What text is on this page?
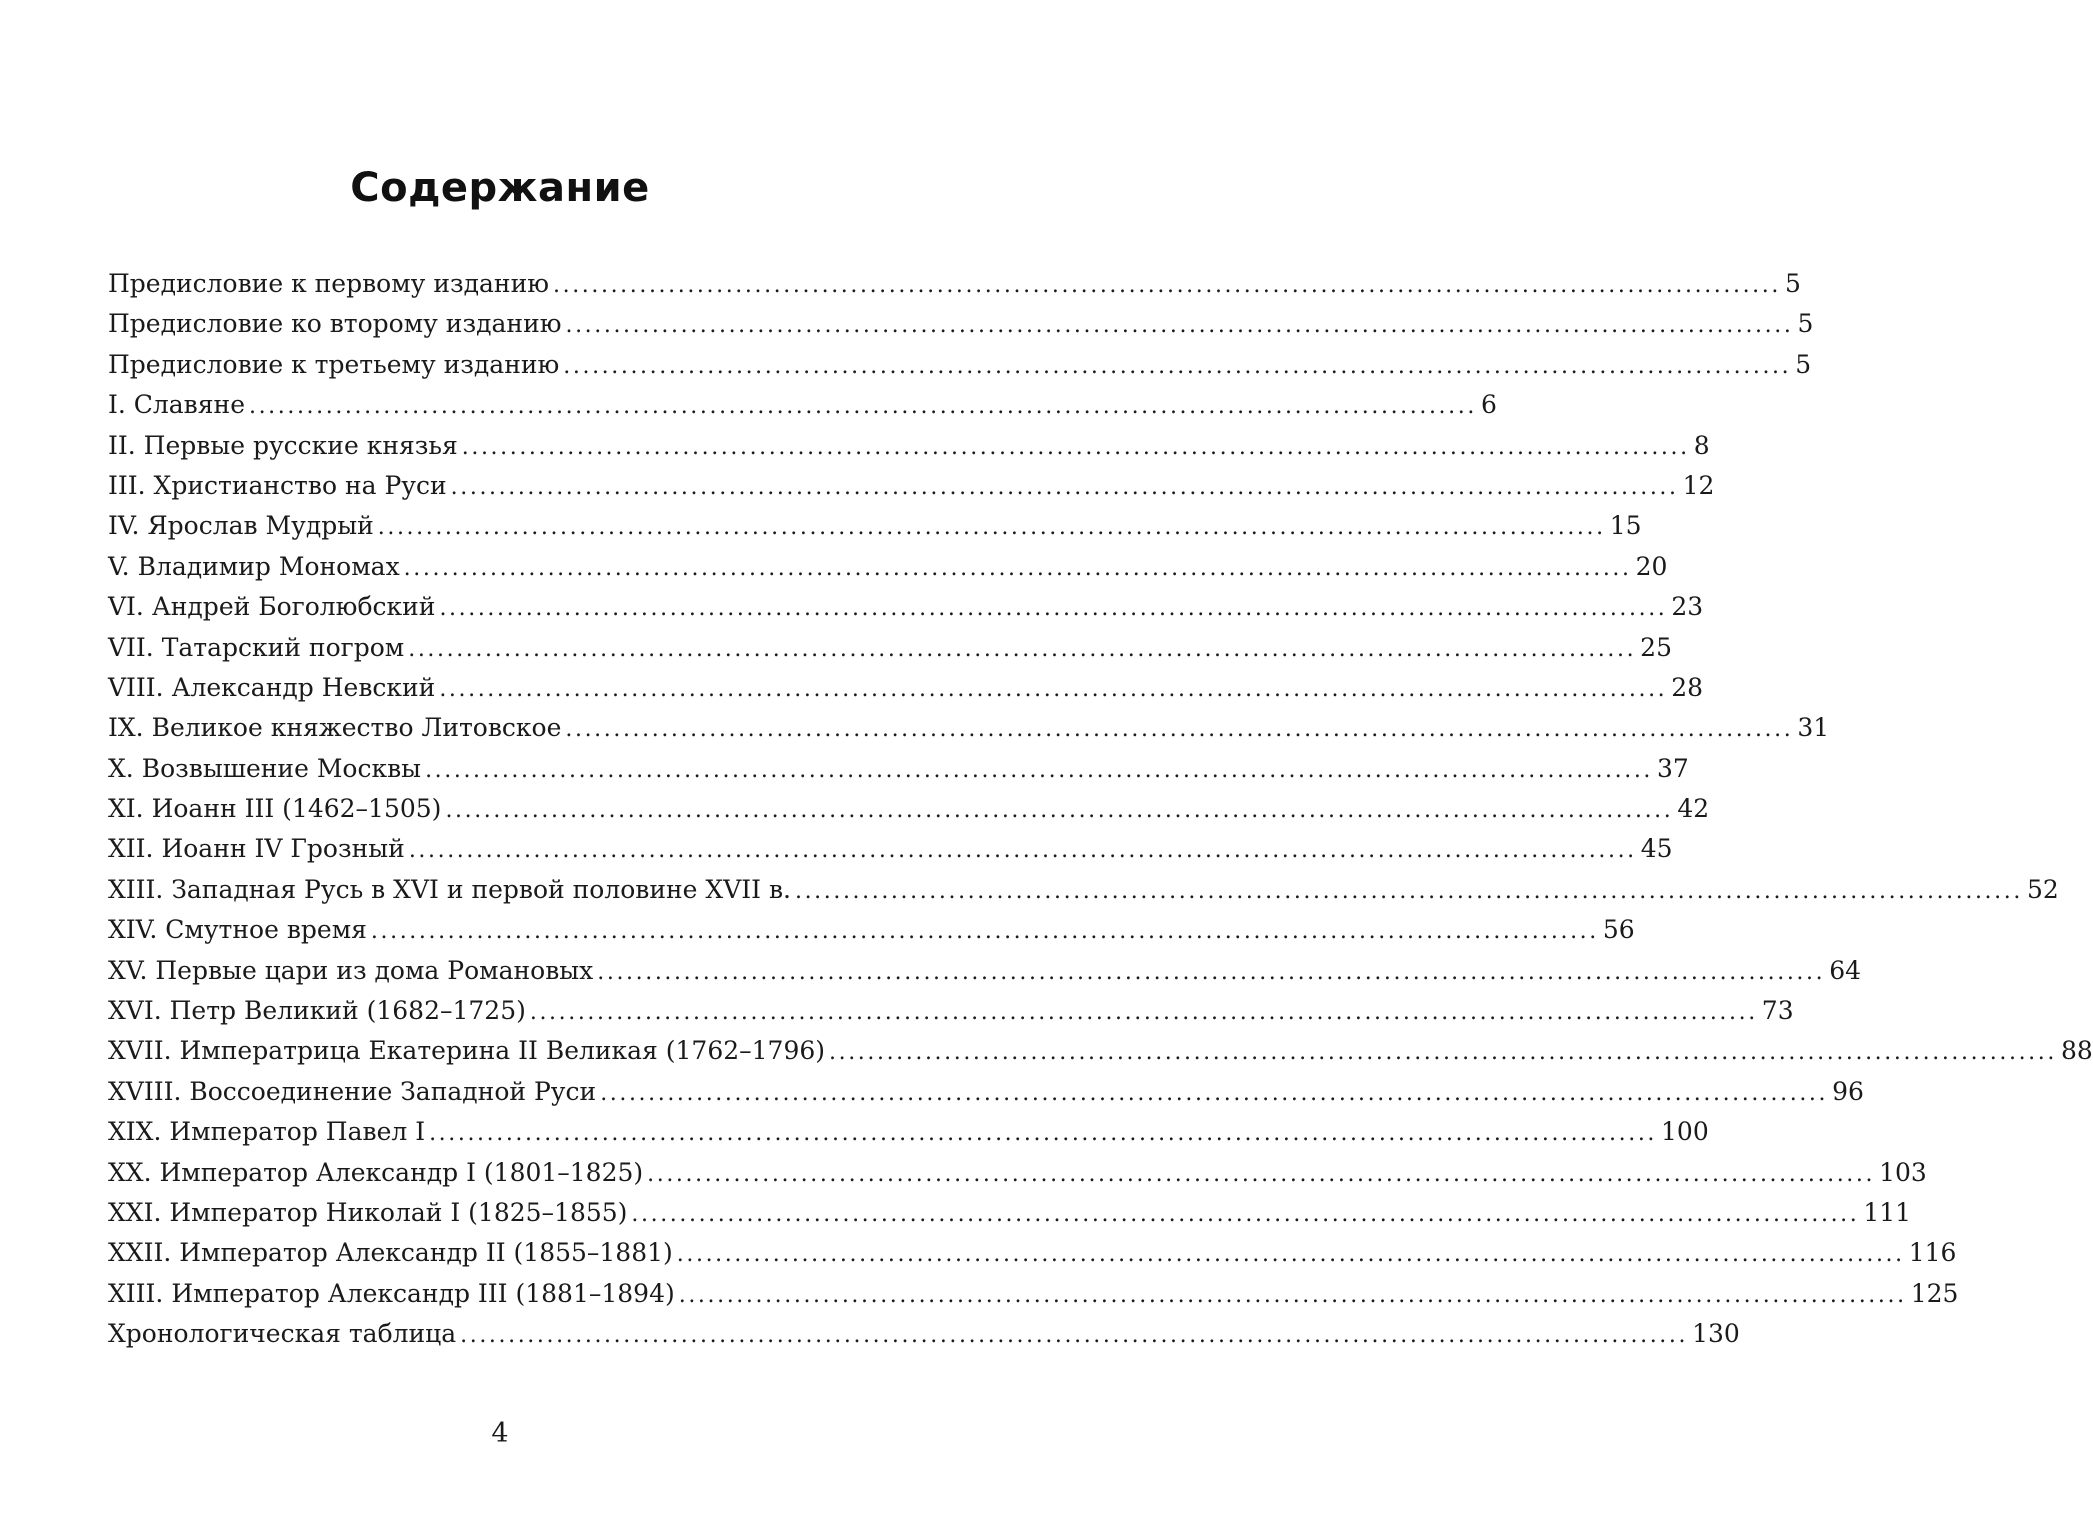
Содержание
Предисловие к первому изданию ................................................................................................................................ 5
Предисловие ко второму изданию ................................................................................................................................ 5
Предисловие к третьему изданию ................................................................................................................................ 5
I. Славяне ................................................................................................................................ 6
II. Первые русские князья ................................................................................................................................ 8
III. Христианство на Руси ................................................................................................................................ 12
IV. Ярослав Мудрый ................................................................................................................................ 15
V. Владимир Мономах ................................................................................................................................ 20
VI. Андрей Боголюбский ................................................................................................................................ 23
VII. Татарский погром ................................................................................................................................ 25
VIII. Александр Невский ................................................................................................................................ 28
IX. Великое княжество Литовское ................................................................................................................................ 31
X. Возвышение Москвы ................................................................................................................................ 37
XI. Иоанн III (1462–1505) ................................................................................................................................ 42
XII. Иоанн IV Грозный ................................................................................................................................ 45
XIII. Западная Русь в XVI и первой половине XVII в. ................................................................................................................................ 52
XIV. Смутное время ................................................................................................................................ 56
XV. Первые цари из дома Романовых ................................................................................................................................ 64
XVI. Петр Великий (1682–1725) ................................................................................................................................ 73
XVII. Императрица Екатерина II Великая (1762–1796) ................................................................................................................................ 88
XVIII. Воссоединение Западной Руси ................................................................................................................................ 96
XIX. Император Павел I ................................................................................................................................ 100
XX. Император Александр I (1801–1825) ................................................................................................................................ 103
XXI. Император Николай I (1825–1855) ................................................................................................................................ 111
XXII. Император Александр II (1855–1881) ................................................................................................................................ 116
XIII. Император Александр III (1881–1894) ................................................................................................................................ 125
Хронологическая таблица ................................................................................................................................ 130
4
